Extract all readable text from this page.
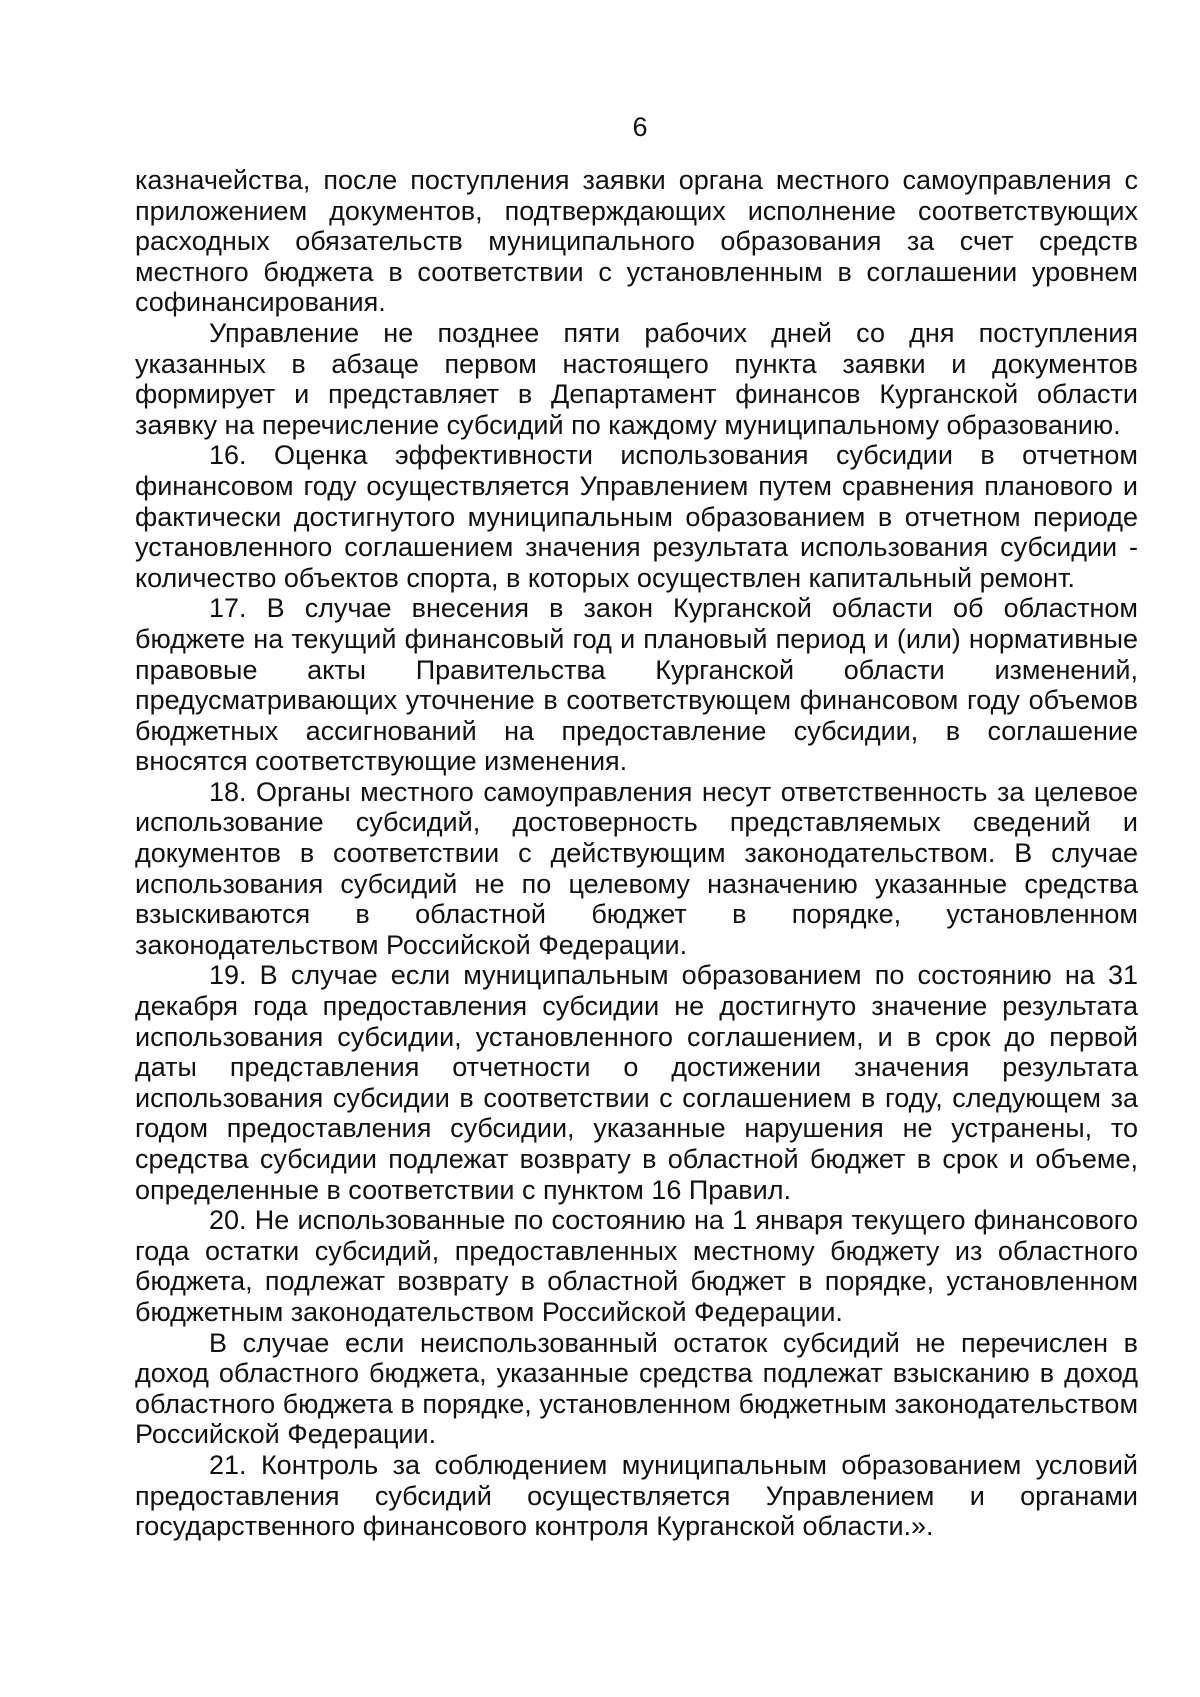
6

казначейства, после поступления заявки органа местного самоуправления с приложением документов, подтверждающих исполнение соответствующих расходных обязательств муниципального образования за счет средств местного бюджета в соответствии с установленным в соглашении уровнем софинансирования.

Управление не позднее пяти рабочих дней со дня поступления указанных в абзаце первом настоящего пункта заявки и документов формирует и представляет в Департамент финансов Курганской области заявку на перечисление субсидий по каждому муниципальному образованию.

16. Оценка эффективности использования субсидии в отчетном финансовом году осуществляется Управлением путем сравнения планового и фактически достигнутого муниципальным образованием в отчетном периоде установленного соглашением значения результата использования субсидии - количество объектов спорта, в которых осуществлен капитальный ремонт.

17. В случае внесения в закон Курганской области об областном бюджете на текущий финансовый год и плановый период и (или) нормативные правовые акты Правительства Курганской области изменений, предусматривающих уточнение в соответствующем финансовом году объемов бюджетных ассигнований на предоставление субсидии, в соглашение вносятся соответствующие изменения.

18. Органы местного самоуправления несут ответственность за целевое использование субсидий, достоверность представляемых сведений и документов в соответствии с действующим законодательством. В случае использования субсидий не по целевому назначению указанные средства взыскиваются в областной бюджет в порядке, установленном законодательством Российской Федерации.

19. В случае если муниципальным образованием по состоянию на 31 декабря года предоставления субсидии не достигнуто значение результата использования субсидии, установленного соглашением, и в срок до первой даты представления отчетности о достижении значения результата использования субсидии в соответствии с соглашением в году, следующем за годом предоставления субсидии, указанные нарушения не устранены, то средства субсидии подлежат возврату в областной бюджет в срок и объеме, определенные в соответствии с пунктом 16 Правил.

20. Не использованные по состоянию на 1 января текущего финансового года остатки субсидий, предоставленных местному бюджету из областного бюджета, подлежат возврату в областной бюджет в порядке, установленном бюджетным законодательством Российской Федерации.

В случае если неиспользованный остаток субсидий не перечислен в доход областного бюджета, указанные средства подлежат взысканию в доход областного бюджета в порядке, установленном бюджетным законодательством Российской Федерации.

21. Контроль за соблюдением муниципальным образованием условий предоставления субсидий осуществляется Управлением и органами государственного финансового контроля Курганской области.».
